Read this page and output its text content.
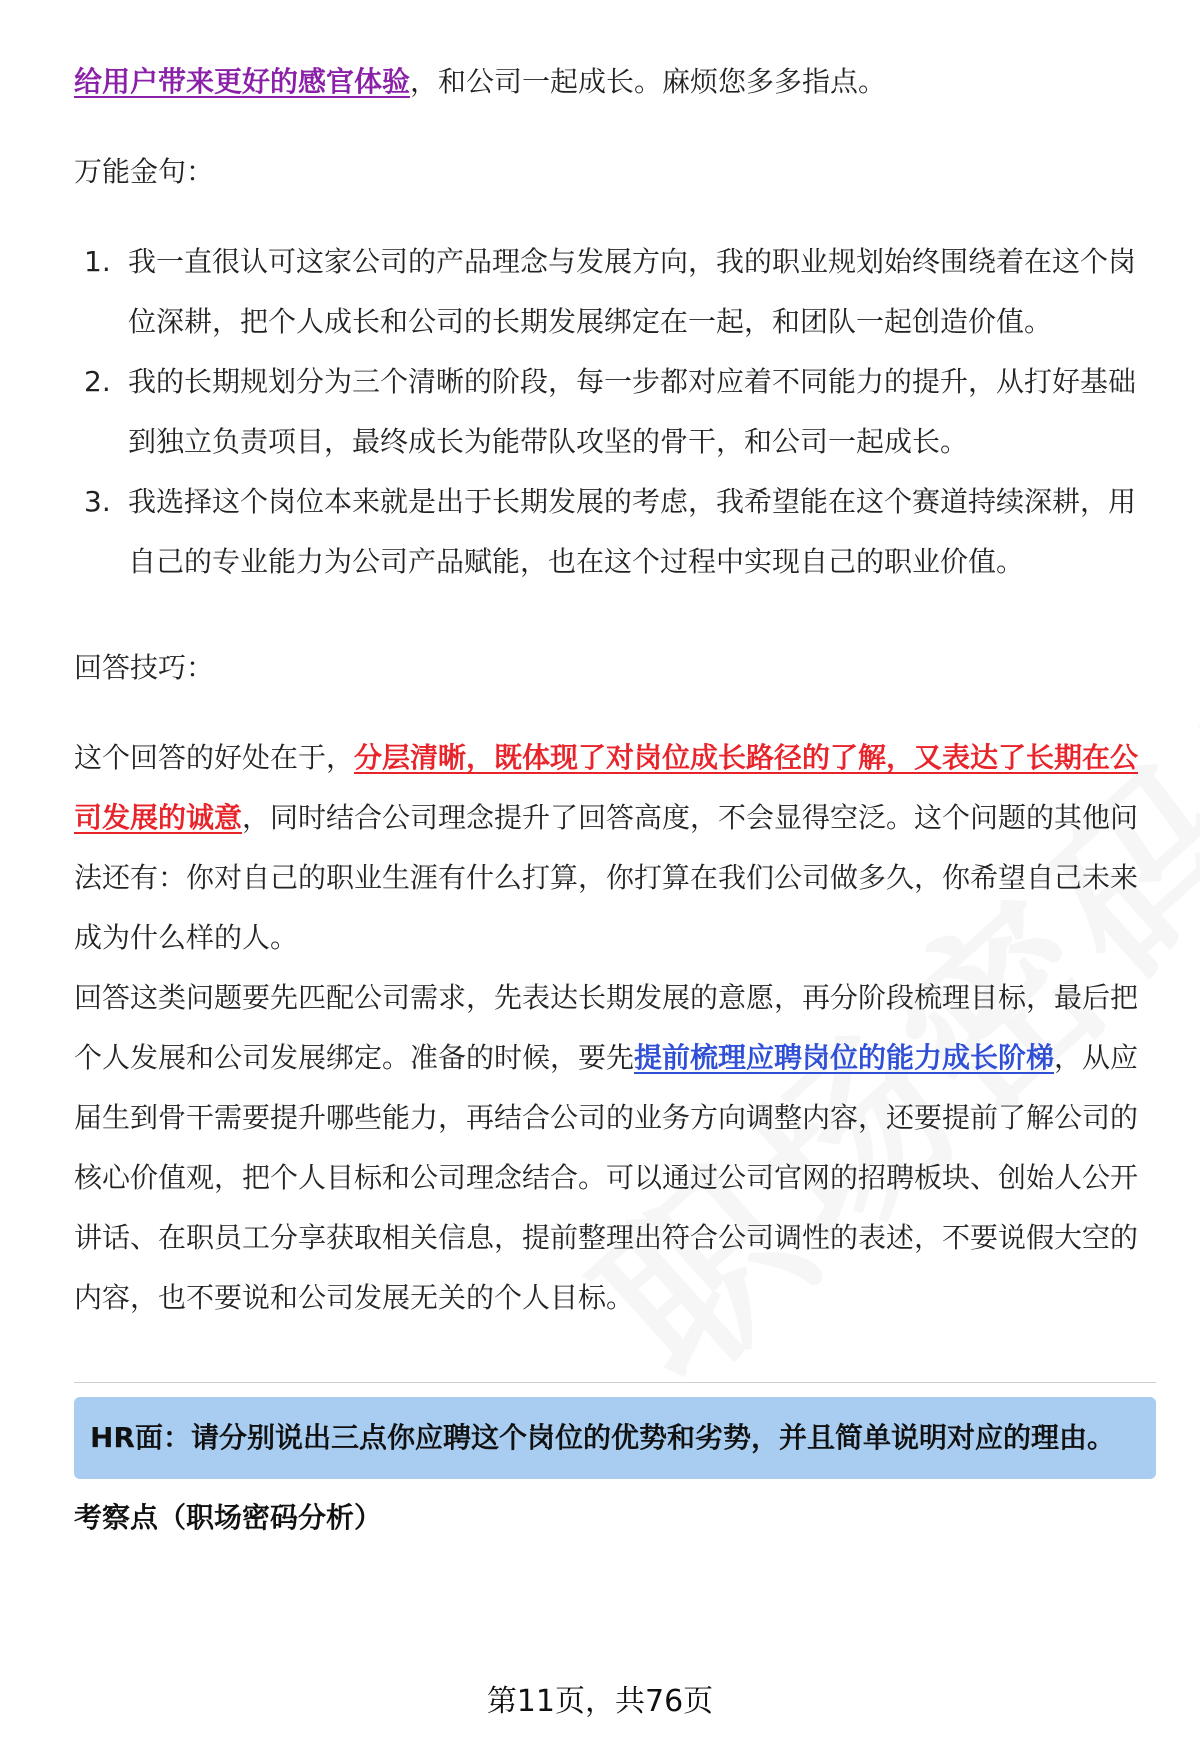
给用户带来更好的感官体验，和公司一起成长。麻烦您多多指点。

万能金句：

1. 我一直很认可这家公司的产品理念与发展方向，我的职业规划始终围绕着在这个岗位深耕，把个人成长和公司的长期发展绑定在一起，和团队一起创造价值。
2. 我的长期规划分为三个清晰的阶段，每一步都对应着不同能力的提升，从打好基础到独立负责项目，最终成长为能带队攻坚的骨干，和公司一起成长。
3. 我选择这个岗位本来就是出于长期发展的考虑，我希望能在这个赛道持续深耕，用自己的专业能力为公司产品赋能，也在这个过程中实现自己的职业价值。

回答技巧：

这个回答的好处在于，分层清晰，既体现了对岗位成长路径的了解，又表达了长期在公司发展的诚意，同时结合公司理念提升了回答高度，不会显得空泛。这个问题的其他问法还有：你对自己的职业生涯有什么打算，你打算在我们公司做多久，你希望自己未来成为什么样的人。

回答这类问题要先匹配公司需求，先表达长期发展的意愿，再分阶段梳理目标，最后把个人发展和公司发展绑定。准备的时候，要先提前梳理应聘岗位的能力成长阶梯，从应届生到骨干需要提升哪些能力，再结合公司的业务方向调整内容，还要提前了解公司的核心价值观，把个人目标和公司理念结合。可以通过公司官网的招聘板块、创始人公开讲话、在职员工分享获取相关信息，提前整理出符合公司调性的表述，不要说假大空的内容，也不要说和公司发展无关的个人目标。

HR面：请分别说出三点你应聘这个岗位的优势和劣势，并且简单说明对应的理由。
考察点（职场密码分析）
第11页，共76页
